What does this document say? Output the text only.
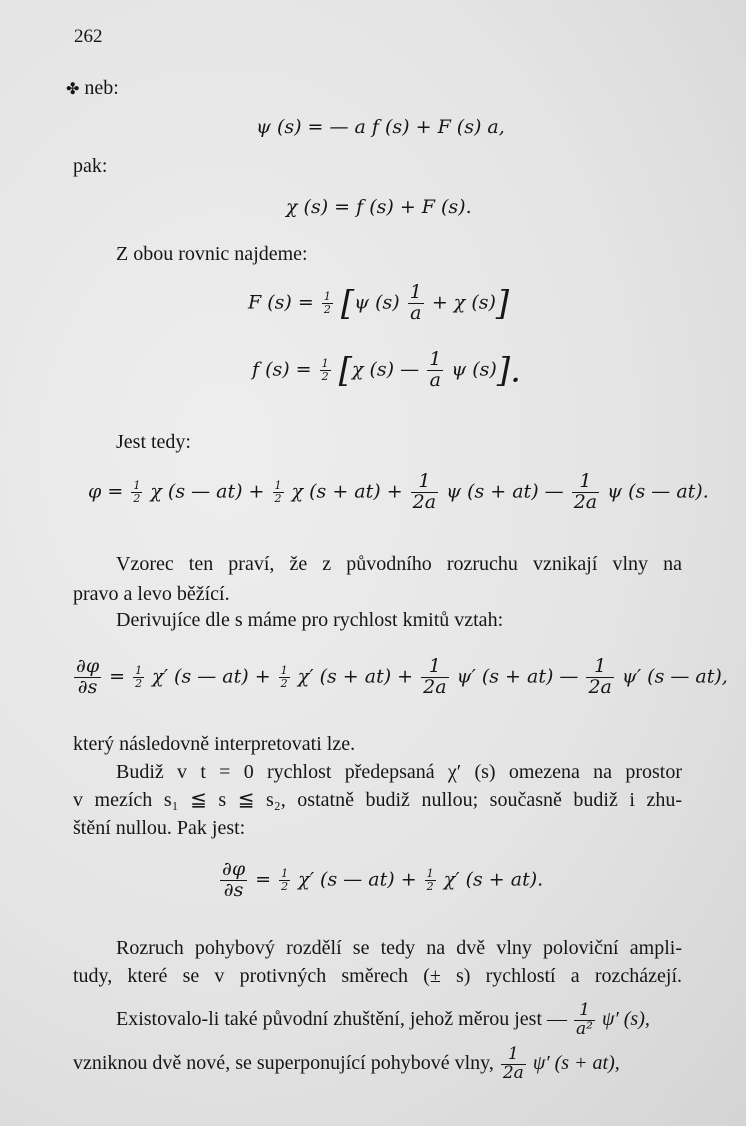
262
✤ neb:
ψ (s) = — a f (s) + F (s) a,
pak:
χ (s) = f (s) + F (s).
Z obou rovnic najdeme:
F $(s) = \frac{1}{2} [\psi$ $(s) \frac{1}{a} + \chi$ (s)]
f $(s) = \frac{1}{2} [\chi$ (s) — $\frac{1}{a}$ ψ (s)].
Jest tedy:
$\varphi = \frac{1}{2}$ χ (s — $at) + \frac{1}{2}$ χ $(s + at) + \frac{1}{2a}$ ψ (s + at) — $\frac{1}{2a}$ ψ (s — at).
Vzorec ten praví, že z původního rozruchu vznikají vlny na
pravo a levo běžící.
Derivujíce dle s máme pro rychlost kmitů vztah:
$\frac{\partial\varphi}{\partial s} = \frac{1}{2} \chi'$ (s — $at) + \frac{1}{2} \chi'$ $(s + at) + \frac{1}{2a} \psi'$ (s + at) — $\frac{1}{2a} \psi'$ (s — at),
který následovně interpretovati lze.
Budiž v t = 0 rychlost předepsaná χ′ (s) omezena na prostor
v mezích s₁ ≦ s ≦ s₂, ostatně budiž nullou; současně budiž i zhu-
štění nullou. Pak jest:
$\frac{\partial\varphi}{\partial s} = \frac{1}{2} \chi'$ (s — $at) + \frac{1}{2} \chi'$ (s + at).
Rozruch pohybový rozdělí se tedy na dvě vlny poloviční ampli-
tudy, které se v protivných směrech (± s) rychlostí a rozcházejí.
Existovalo-li také původní zhuštění, jehož měrou jest — $\frac{1}{\text{a²}} \psi'$ (s),
vzniknou dvě nové, se superponující pohybové vlny, $\frac{1}{2a} \psi'$ (s + at),
